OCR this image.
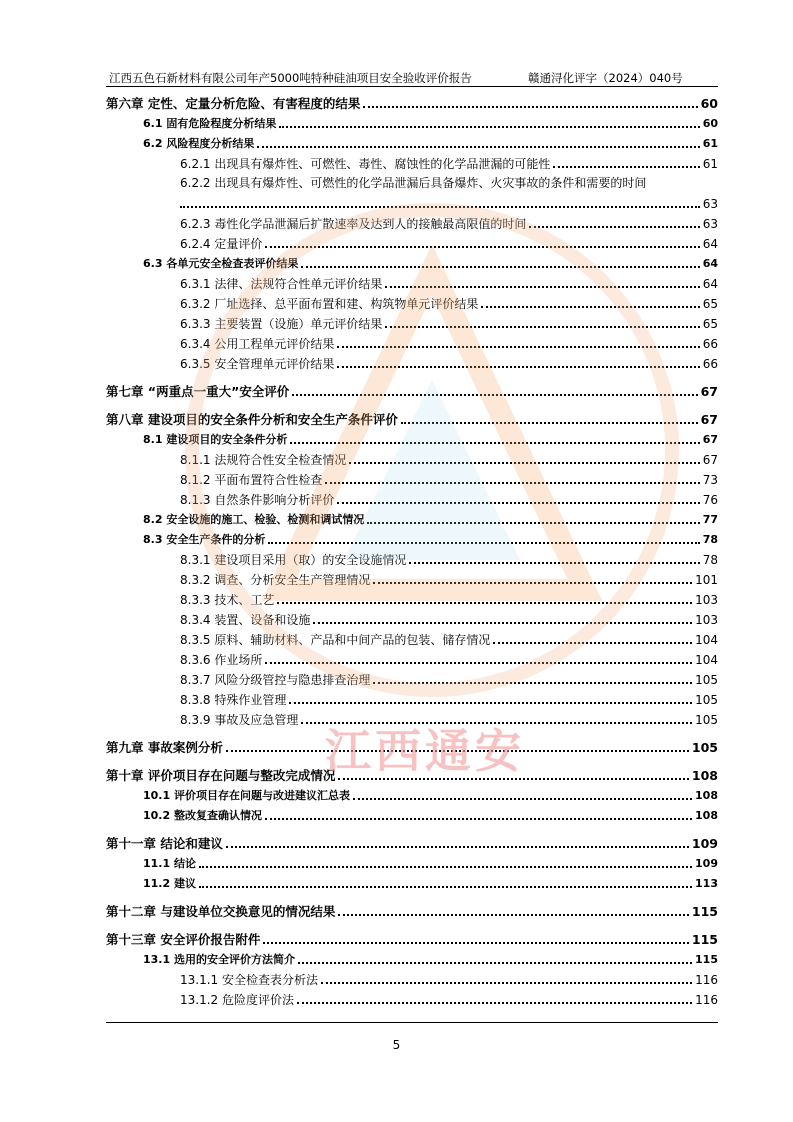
江西五色石新材料有限公司年产5000吨特种硅油项目安全验收评价报告	赣通浔化评字（2024）040号
第六章 定性、定量分析危险、有害程度的结果	60
6.1 固有危险程度分析结果	60
6.2 风险程度分析结果	61
6.2.1 出现具有爆炸性、可燃性、毒性、腐蚀性的化学品泄漏的可能性	61
6.2.2 出现具有爆炸性、可燃性的化学品泄漏后具备爆炸、火灾事故的条件和需要的时间
63
6.2.3 毒性化学品泄漏后扩散速率及达到人的接触最高限值的时间	63
6.2.4 定量评价	64
6.3 各单元安全检查表评价结果	64
6.3.1 法律、法规符合性单元评价结果	64
6.3.2 厂址选择、总平面布置和建、构筑物单元评价结果	65
6.3.3 主要装置（设施）单元评价结果	65
6.3.4 公用工程单元评价结果	66
6.3.5 安全管理单元评价结果	66
第七章 “两重点一重大”安全评价	67
第八章 建设项目的安全条件分析和安全生产条件评价	67
8.1 建设项目的安全条件分析	67
8.1.1 法规符合性安全检查情况	67
8.1.2 平面布置符合性检查	73
8.1.3 自然条件影响分析评价	76
8.2 安全设施的施工、检验、检测和调试情况	77
8.3 安全生产条件的分析	78
8.3.1 建设项目采用（取）的安全设施情况	78
8.3.2 调查、分析安全生产管理情况	101
8.3.3 技术、工艺	103
8.3.4 装置、设备和设施	103
8.3.5 原料、辅助材料、产品和中间产品的包装、储存情况	104
8.3.6 作业场所	104
8.3.7 风险分级管控与隐患排查治理	105
8.3.8 特殊作业管理	105
8.3.9 事故及应急管理	105
第九章 事故案例分析	105
第十章 评价项目存在问题与整改完成情况	108
10.1 评价项目存在问题与改进建议汇总表	108
10.2 整改复查确认情况	108
第十一章 结论和建议	109
11.1 结论	109
11.2 建议	113
第十二章 与建设单位交换意见的情况结果	115
第十三章 安全评价报告附件	115
13.1 选用的安全评价方法简介	115
13.1.1 安全检查表分析法	116
13.1.2 危险度评价法	116
江西通安
5
